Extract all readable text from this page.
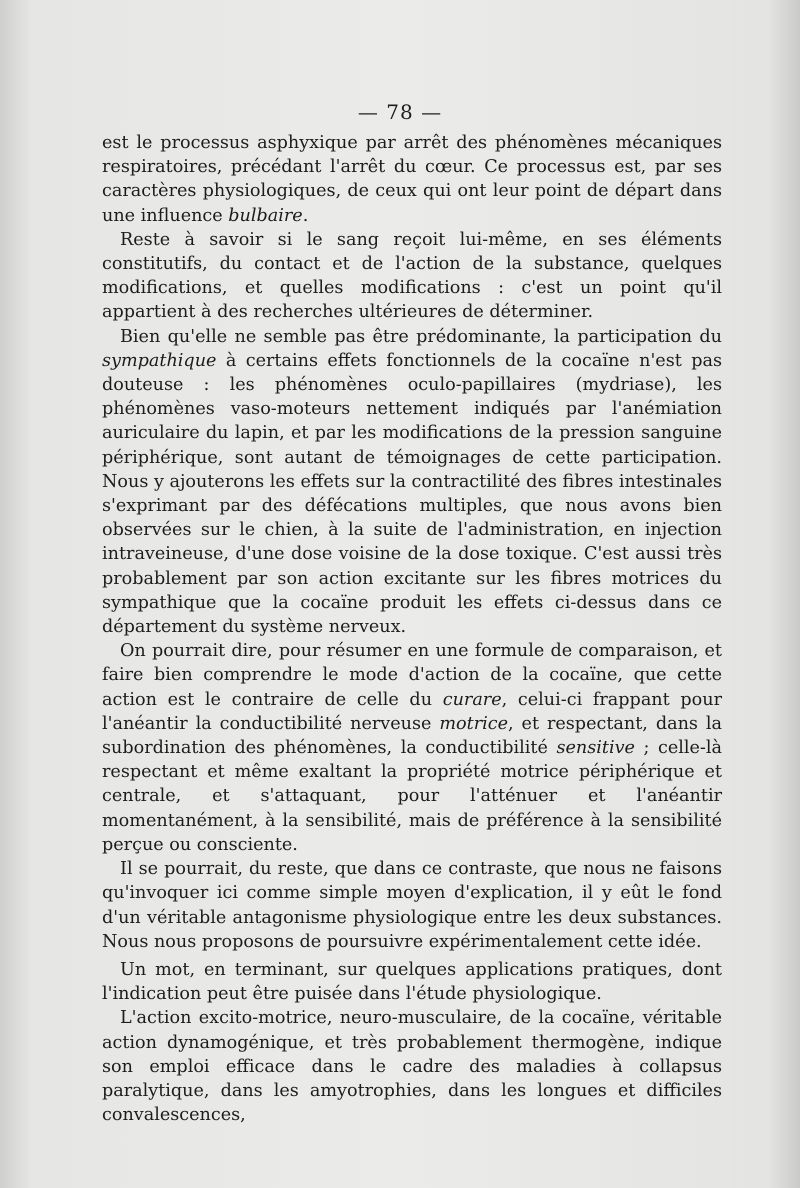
— 78 —

est le processus asphyxique par arrêt des phénomènes mécaniques respiratoires, précédant l'arrêt du cœur. Ce processus est, par ses caractères physiologiques, de ceux qui ont leur point de départ dans une influence bulbaire.

Reste à savoir si le sang reçoit lui-même, en ses éléments constitutifs, du contact et de l'action de la substance, quelques modifications, et quelles modifications : c'est un point qu'il appartient à des recherches ultérieures de déterminer.

Bien qu'elle ne semble pas être prédominante, la participation du sympathique à certains effets fonctionnels de la cocaïne n'est pas douteuse : les phénomènes oculo-papillaires (mydriase), les phénomènes vaso-moteurs nettement indiqués par l'anémiation auriculaire du lapin, et par les modifications de la pression sanguine périphérique, sont autant de témoignages de cette participation. Nous y ajouterons les effets sur la contractilité des fibres intestinales s'exprimant par des défécations multiples, que nous avons bien observées sur le chien, à la suite de l'administration, en injection intraveineuse, d'une dose voisine de la dose toxique. C'est aussi très probablement par son action excitante sur les fibres motrices du sympathique que la cocaïne produit les effets ci-dessus dans ce département du système nerveux.

On pourrait dire, pour résumer en une formule de comparaison, et faire bien comprendre le mode d'action de la cocaïne, que cette action est le contraire de celle du curare, celui-ci frappant pour l'anéantir la conductibilité nerveuse motrice, et respectant, dans la subordination des phénomènes, la conductibilité sensitive ; celle-là respectant et même exaltant la propriété motrice périphérique et centrale, et s'attaquant, pour l'atténuer et l'anéantir momentanément, à la sensibilité, mais de préférence à la sensibilité perçue ou consciente.

Il se pourrait, du reste, que dans ce contraste, que nous ne faisons qu'invoquer ici comme simple moyen d'explication, il y eût le fond d'un véritable antagonisme physiologique entre les deux substances. Nous nous proposons de poursuivre expérimentalement cette idée.

Un mot, en terminant, sur quelques applications pratiques, dont l'indication peut être puisée dans l'étude physiologique.

L'action excito-motrice, neuro-musculaire, de la cocaïne, véritable action dynamogénique, et très probablement thermogène, indique son emploi efficace dans le cadre des maladies à collapsus paralytique, dans les amyotrophies, dans les longues et difficiles convalescences,
